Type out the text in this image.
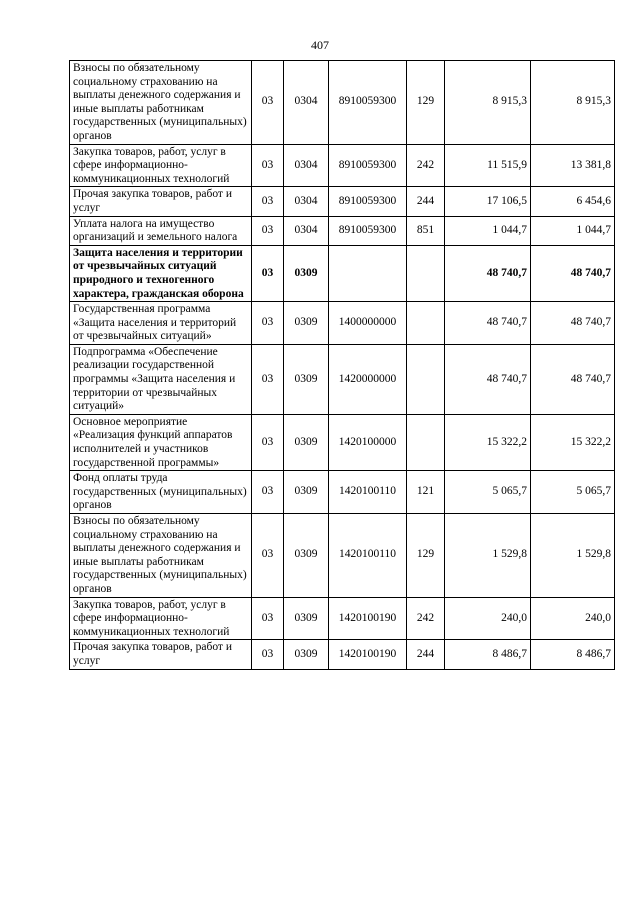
407
Взносы по обязательному социальному страхованию на выплаты денежного содержания и иные выплаты работникам государственных (муниципальных) органов	03	0304	8910059300	129	8 915,3	8 915,3
Закупка товаров, работ, услуг в сфере информационно-коммуникационных технологий	03	0304	8910059300	242	11 515,9	13 381,8
Прочая закупка товаров, работ и услуг	03	0304	8910059300	244	17 106,5	6 454,6
Уплата налога на имущество организаций и земельного налога	03	0304	8910059300	851	1 044,7	1 044,7
Защита населения и территории от чрезвычайных ситуаций природного и техногенного характера, гражданская оборона	03	0309			48 740,7	48 740,7
Государственная программа «Защита населения и территорий от чрезвычайных ситуаций»	03	0309	1400000000		48 740,7	48 740,7
Подпрограмма «Обеспечение реализации государственной программы «Защита населения и территории от чрезвычайных ситуаций»	03	0309	1420000000		48 740,7	48 740,7
Основное мероприятие «Реализация функций аппаратов исполнителей и участников государственной программы»	03	0309	1420100000		15 322,2	15 322,2
Фонд оплаты труда государственных (муниципальных) органов	03	0309	1420100110	121	5 065,7	5 065,7
Взносы по обязательному социальному страхованию на выплаты денежного содержания и иные выплаты работникам государственных (муниципальных) органов	03	0309	1420100110	129	1 529,8	1 529,8
Закупка товаров, работ, услуг в сфере информационно-коммуникационных технологий	03	0309	1420100190	242	240,0	240,0
Прочая закупка товаров, работ и услуг	03	0309	1420100190	244	8 486,7	8 486,7
